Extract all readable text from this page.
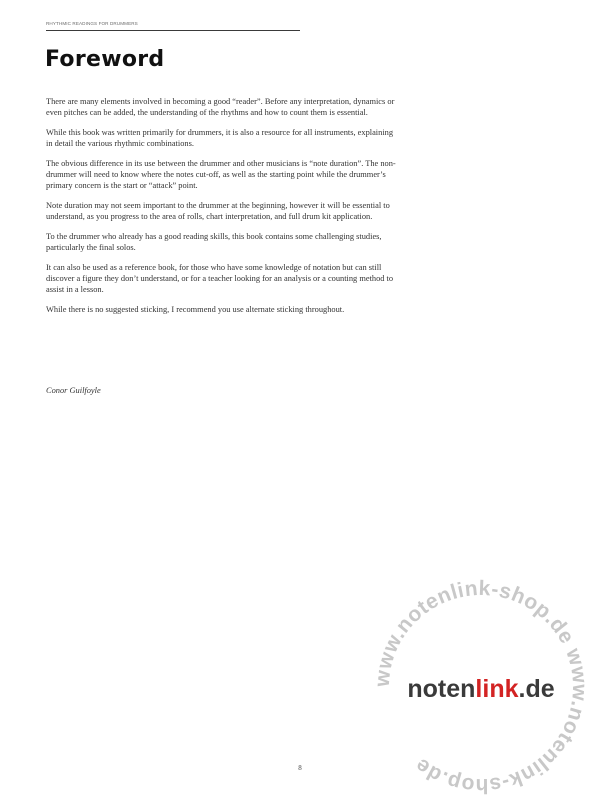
RHYTHMIC READINGS FOR DRUMMERS
Foreword

There are many elements involved in becoming a good “reader”. Before any interpretation, dynamics or even pitches can be added, the understanding of the rhythms and how to count them is essential.

While this book was written primarily for drummers, it is also a resource for all instruments, explaining in detail the various rhythmic combinations.

The obvious difference in its use between the drummer and other musicians is “note duration”. The non-drummer will need to know where the notes cut-off, as well as the starting point while the drummer’s primary concern is the start or “attack” point.

Note duration may not seem important to the drummer at the beginning, however it will be essential to understand, as you progress to the area of rolls, chart interpretation, and full drum kit application.

To the drummer who already has a good reading skills, this book contains some challenging studies, particularly the final solos.

It can also be used as a reference book, for those who have some knowledge of notation but can still discover a figure they don’t understand, or for a teacher looking for an analysis or a counting method to assist in a lesson.

While there is no suggested sticking, I recommend you use alternate sticking throughout.

Conor Guilfoyle
8
www.notenlink-shop.de www.notenlink-shop.de
notenlink.de
